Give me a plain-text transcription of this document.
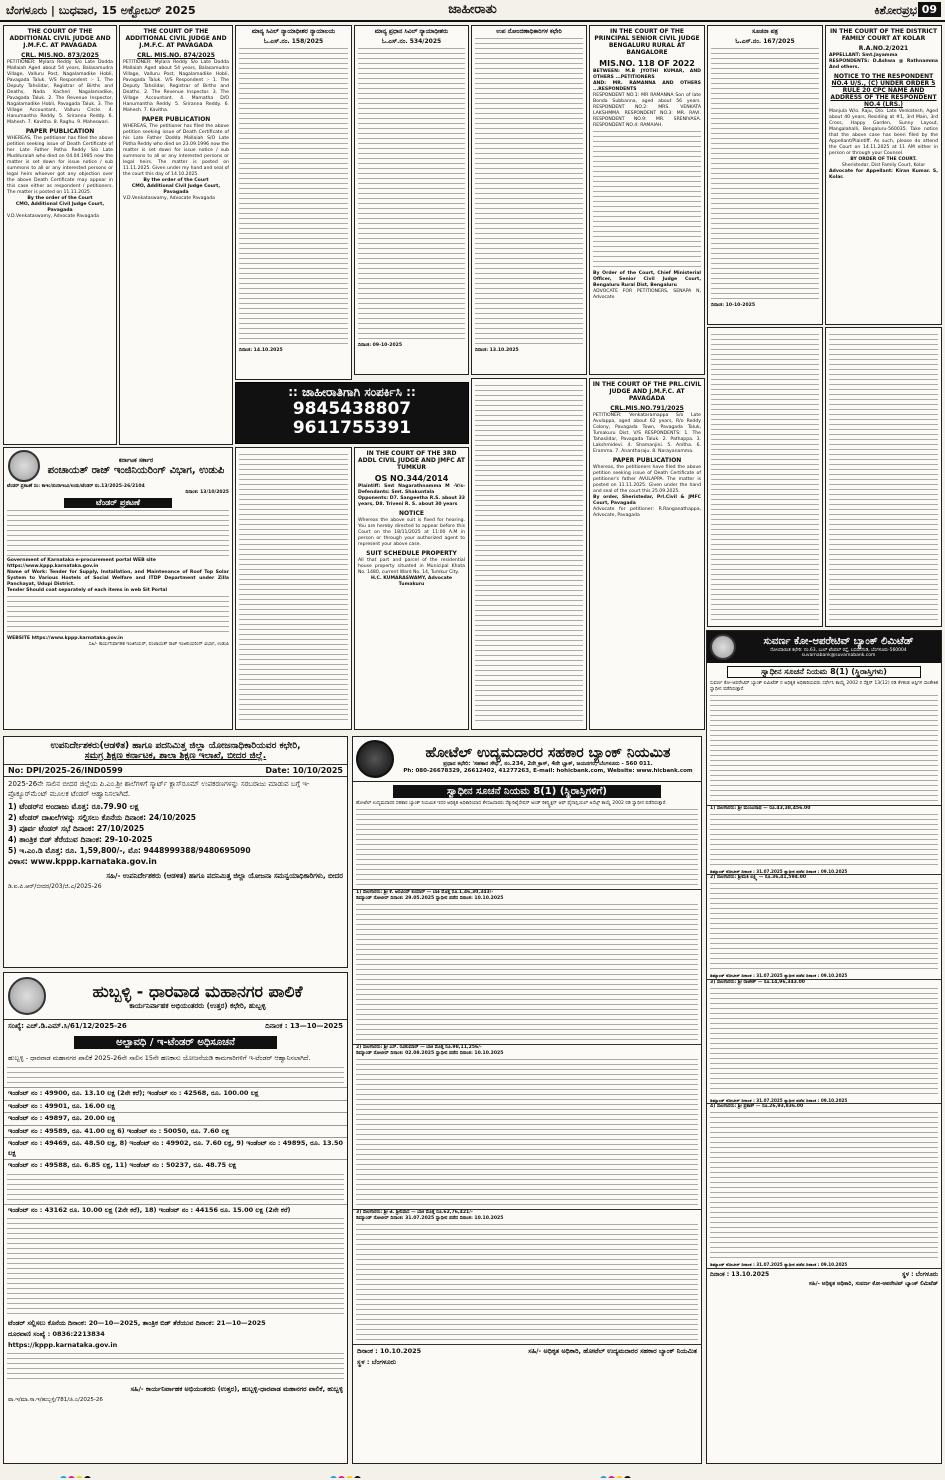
ಬೆಂಗಳೂರು | ಬುಧವಾರ, 15 ಅಕ್ಟೋಬರ್ 2025	ಜಾಹೀರಾತು	ಕಿಶೋರಪ್ರಭ 09
THE COURT OF THE ADDITIONAL CIVIL JUDGE AND J.M.F.C. AT PAVAGADA
CRL. MIS.NO. 873/2025
PETITIONER: Mylara Reddy S/o Late Dodda Mallaiah Aged about 54 years, Balasamudra Village, Valluru Post, Nagalamadike Hobli, Pavagada Taluk. V/S Respondent :- 1. The Deputy Tahsildar, Registrar of Births and Deaths, Nada Kacheri Nagalamadike, Pavagada Taluk. 2. The Revenue Inspector, Nagalamadike Hobli, Pavagada Taluk. 3. The Village Accountant, Valluru Circle. 4. Hanumantha Reddy. 5. Sriranna Reddy. 6. Mahesh. 7. Kavitha. 8. Raghu. 9. Maheswari.
PAPER PUBLICATION
WHEREAS, The petitioner has filed the above petition seeking issue of Death Certificate of her Late Father Potha Reddy S/o Late Mudduraiah who died on 04.04.1985 now the matter is set down for issue notice / sub summons to all or any interested persons or legal heirs whoever got any objection over the above Death Certificate may appear in this case either as respondent / petitioners. The matter is posted on 11.11.2025.
By the order of the Court
CMO, Additional Civil Judge Court, Pavagada
V.D.Venkataswamy, Advocate Pavagada
THE COURT OF THE ADDITIONAL CIVIL JUDGE AND J.M.F.C. AT PAVAGADA
CRL. MIS.NO. 874/2025
PETITIONER: Mylara Reddy S/o Late Dodda Mallaiah Aged about 54 years, Balasamudra Village, Valluru Post, Nagalamadike Hobli, Pavagada Taluk. V/S Respondent :- 1. The Deputy Tahsildar, Registrar of Births and Deaths. 2. The Revenue Inspector. 3. The Village Accountant. 4. Mamatha D/O Hanumantha Reddy. 5. Sriranna Reddy. 6. Mahesh. 7. Kavitha.
PAPER PUBLICATION
WHEREAS, The petitioner has filed the above petition seeking issue of Death Certificate of his Late Father Dodda Mallaiah S/O Late Potha Reddy who died on 23.09.1996 now the matter is set down for issue notice / sub summons to all or any interested persons or legal heirs. The matter is posted on 11.11.2025. Given under my hand and seal of the court this day of 14.10.2025.
By the order of the Court
CMO, Additional Civil Judge Court, Pavagada
V.D.Venkataswamy, Advocate Pavagada
ಮಾನ್ಯ ಸಿವಿಲ್ ನ್ಯಾಯಾಧೀಶರ ನ್ಯಾಯಾಲಯ
ಓ.ಎಸ್.ನಂ. 158/2025
ದಿನಾಂಕ: 14.10.2025
ಮಾನ್ಯ ಪ್ರಧಾನ ಸಿವಿಲ್ ನ್ಯಾಯಾಧೀಶರು
ಓ.ಎಸ್.ನಂ. 534/2025
ದಿನಾಂಕ: 09-10-2025
ಉಪ ನೋಂದಣಾಧಿಕಾರಿಗಳ ಕಛೇರಿ
ದಿನಾಂಕ: 13.10.2025
IN THE COURT OF THE PRINCIPAL SENIOR CIVIL JUDGE BENGALURU RURAL AT BANGALORE
MIS.NO. 118 OF 2022
BETWEEN: M.B JYOTHI KUMAR, AND OTHERS ...PETITIONERS
AND: MR. RAMANNA AND OTHERS ...RESPONDENTS
RESPONDENT NO.1: MR RAMANNA Son of late Bonda Subbanna, aged about 56 years. RESPONDENT NO.2: MRS. VENKATA LAKSHMMA. RESPONDENT NO.3: MR. RAVI. RESPONDENT NO.9: MR. SRENIVASA. RESPONDENT NO.4: RAMAIAH.
By Order of the Court, Chief Ministerial Officer, Senior Civil Judge Court, Bengaluru Rural Dist, Bengaluru
ADVOCATE FOR PETITIONERS, SENAPA N, Advocate
ಸೂಚನಾ ಪತ್ರ
ಓ.ಎಸ್.ನಂ. 167/2025
ದಿನಾಂಕ: 10-10-2025
IN THE COURT OF THE DISTRICT FAMILY COURT AT KOLAR
R.A.NO.2/2021
APPELLANT: Smt.Jayamma
RESPONDENTS: D.Ashwa @ Rathnamma And others.
NOTICE TO THE RESPONDENT NO.4 U/S., (C) UNDER ORDER 5 RULE 20 CPC NAME AND ADDRESS OF THE RESPONDENT NO.4 (LRS.)
Manjula W/o. Raju, D/o. Late Venkatesh, Aged about 40 years, Residing at #1, 3rd Main, 3rd Cross, Happy Garden, Sunny Layout, Mangalahalli, Bengaluru-560035. Take notice that the above case has been filed by the Appellant/Plaintiff. As such, please do attend the Court on 14.11.2025 at 11 AM either in person or through your Counsel.
BY ORDER OF THE COURT.
Sheristedar, Dist Family Court, Kolar
Advocate for Appellant: Kiran Kumar. S, Kolar.
:: ಜಾಹೀರಾತಿಗಾಗಿ ಸಂಪರ್ಕಿಸಿ ::
9845438807
9611755391
IN THE COURT OF THE 3RD ADDL CIVIL JUDGE AND JMFC AT TUMKUR
OS NO.344/2014
Plaintiff: Smt Nagarathnamma M -V/s- Defendants: Smt. Shakuntala
Opponents: D7. Sangeetha R.S. about 33 years, D8. Triveni R. S. about 30 years
NOTICE
Whereas the above suit is fixed for hearing. You are hereby directed to appear before this Court on the 18/11/2025 at 11:00 A.M in person or through your authorized agent to represent your above case.
SUIT SCHEDULE PROPERTY
All that part and parcel of the residential house property situated in Municipal Khata No. 1480, current Ward No. 14, Tumkur City.
H.C. KUMARASWAMY, Advocate Tumakuru
IN THE COURT OF THE PRL.CIVIL JUDGE AND J.M.F.C. AT PAVAGADA
CRL.MIS.NO.791/2025
PETITIONER: Venkataramappa S/o Late Avulappa, aged about 62 years, R/o Reddy Colony, Pavagada Town, Pavagada Taluk, Tumakuru Dist. V/S RESPONDENTS: 1. The Tahasildar, Pavagada Taluk. 2. Pathappa. 3. Lakshmidevi. 4. Shamanjini. 5. Anitha. 6. Eramma. 7. Anantharaju. 8. Narayanamma.
PAPER PUBLICATION
Whereas, the petitioners have filed the above petition seeking issue of Death Certificate of petitioner's father AVULAPPA. The matter is posted on 11.11.2025. Given under the hand and seal of the court this 25.09.2025.
By order, Sheristedar, Prl.Civil & JMFC Court, Pavagada
Advocate for petitioner: R.Ranganathappa, Advocate, Pavagada
ಕರ್ನಾಟಕ ಸರ್ಕಾರ
ಪಂಚಾಯತ್ ರಾಜ್ ಇಂಜಿನಿಯರಿಂಗ್ ವಿಭಾಗ, ಉಡುಪಿ
ಟೆಂಡರ್ ಪ್ರಕಟಣೆ ಸಂ: ಕಾಇಂ/ಪಂರಾಇಂವಿ/ಉಡು/ಟೆಂಡರ್ ನಂ.13/2025-26/2104
ದಿನಾಂಕ: 13/10/2025
ಟೆಂಡರ್ ಪ್ರಕಟಣೆ
Government of Karnataka e-procurement portal WEB site
https://www.kppp.karnataka.gov.in
Name of Work: Tender for Supply, Installation, and Maintenance of Roof Top Solar System to Various Hostels of Social Welfare and ITDP Department under Zilla Panchayat, Udupi District.
Tender Should coat separately of each items in web Sit Portal
WEBSITE https://www.kppp.karnataka.gov.in
ಸಹಿ/- ಕಾರ್ಯನಿರ್ವಾಹಕ ಇಂಜಿನಿಯರ್, ಪಂಚಾಯತ್ ರಾಜ್ ಇಂಜಿನಿಯರಿಂಗ್ ವಿಭಾಗ, ಉಡುಪಿ
ಉಪನಿರ್ದೇಶಕರು(ಆಡಳಿತ) ಹಾಗೂ ಪದನಿಮಿತ್ತ ಜಿಲ್ಲಾ ಯೋಜನಾಧಿಕಾರಿಯವರ ಕಛೇರಿ,
ಸಮಗ್ರ ಶಿಕ್ಷಣ ಕರ್ನಾಟಕ, ಶಾಲಾ ಶಿಕ್ಷಣ ಇಲಾಖೆ, ಬೀದರ ಜಿಲ್ಲೆ.
No: DPI/2025-26/IND0599	Date: 10/10/2025
2025-26ನೇ ಸಾಲಿನ ಬೀದರ ಜಿಲ್ಲೆಯ ಪಿ.ಎಂ.ಶ್ರೀ ಶಾಲೆಗಳಿಗೆ ಸ್ಮಾರ್ಟ್ ಕ್ಲಾಸ್‌ರೂಮ್ ಉಪಕರಣಗಳನ್ನು ಸರಬರಾಜು ಮಾಡುವ ಬಗ್ಗೆ ಇ-ಪ್ರೊಕ್ಯೂರ್‌ಮೆಂಟ್ ಮೂಲಕ ಟೆಂಡರ್ ಆಹ್ವಾನಿಸಲಾಗಿದೆ.
1) ಟೆಂಡರ್‌ನ ಅಂದಾಜು ಮೊತ್ತ: ರೂ.79.90 ಲಕ್ಷ
2) ಟೆಂಡರ್ ದಾಖಲೆಗಳನ್ನು ಸಲ್ಲಿಸಲು ಕೊನೆಯ ದಿನಾಂಕ: 24/10/2025
3) ಪೂರ್ವ ಟೆಂಡರ್ ಸಭೆ ದಿನಾಂಕ: 27/10/2025
4) ತಾಂತ್ರಿಕ ಬಿಡ್ ತೆರೆಯುವ ದಿನಾಂಕ: 29-10-2025
5) ಇ.ಎಂ.ಡಿ ಮೊತ್ತ: ರೂ. 1,59,800/-, ಮೊ: 9448999388/9480695090
ವಿಳಾಸ: www.kppp.karnataka.gov.in
ಸಹಿ/- ಉಪನಿರ್ದೇಶಕರು (ಆಡಳಿತ) ಹಾಗೂ ಪದನಿಮಿತ್ತ ಜಿಲ್ಲಾ ಯೋಜನಾ ಸಮನ್ವಯಾಧಿಕಾರಿಗಳು, ಬೀದರ
ಡಿ.ಐ.ಪಿ.ಆರ್/ಬೀದರ/203/ಜಿ.ಎ/2025-26
ಹೋಟೆಲ್ ಉದ್ಯಮದಾರರ ಸಹಕಾರ ಬ್ಯಾಂಕ್ ನಿಯಮಿತ
ಪ್ರಧಾನ ಕಛೇರಿ: 'ಸಹಕಾರ ಸೌಧ', ನಂ.234, 2ನೇ ಕ್ರಾಸ್, 4ನೇ ಬ್ಲಾಕ್, ಜಯನಗರ, ಬೆಂಗಳೂರು - 560 011.
Ph: 080-26678329, 26612402, 41277263, E-mail: hohicbank.com, Website: www.hicbank.com
ಸ್ವಾಧೀನ ಸೂಚನೆ ನಿಯಮ 8(1) (ಸ್ಥಿರಾಸ್ತಿಗಳಿಗೆ)
ಹೋಟೆಲ್ ಉದ್ಯಮದಾರರ ಸಹಕಾರ ಬ್ಯಾಂಕ್ ನಿಯಮಿತ ಇದರ ಅಧಿಕೃತ ಅಧಿಕಾರಿಯಾದ ಕೆಳಸಹಿದಾರರು ಸೆಕ್ಯುರಿಟೈಸೇಷನ್ ಅಂಡ್ ರಿಕನ್ಸ್ಟ್ರಕ್ಷನ್ ಆಫ್ ಫೈನಾನ್ಷಿಯಲ್ ಅಸೆಟ್ಸ್ ಕಾಯ್ದೆ 2002 ರಡಿ ಸ್ವಾಧೀನ ಪಡೆದಿರುತ್ತಾರೆ.
1) ಸಾಲಗಾರರು: ಶ್ರೀ ಕೆ. ಅರವಿಂದ್ ಕುಮಾರ್ — ಬಾಕಿ ಮೊತ್ತ ರೂ.1,46,30,343/-
ಡಿಮ್ಯಾಂಡ್ ನೋಟೀಸ್ ದಿನಾಂಕ: 29.05.2025 ಸ್ವಾಧೀನ ಪಡೆದ ದಿನಾಂಕ: 10.10.2025
2) ಸಾಲಗಾರರು: ಶ್ರೀ ಎಸ್. ರವಿಕುಮಾರ್ — ಬಾಕಿ ಮೊತ್ತ ರೂ.98,11,256/-
ಡಿಮ್ಯಾಂಡ್ ನೋಟೀಸ್ ದಿನಾಂಕ: 02.08.2025 ಸ್ವಾಧೀನ ಪಡೆದ ದಿನಾಂಕ: 10.10.2025
3) ಸಾಲಗಾರರು: ಶ್ರೀ ಜಿ. ಶ್ರೀನಿವಾಸ — ಬಾಕಿ ಮೊತ್ತ ರೂ.62,76,421/-
ಡಿಮ್ಯಾಂಡ್ ನೋಟೀಸ್ ದಿನಾಂಕ: 31.07.2025 ಸ್ವಾಧೀನ ಪಡೆದ ದಿನಾಂಕ: 10.10.2025
ದಿನಾಂಕ : 10.10.2025	ಸಹಿ/- ಅಧಿಕೃತ ಅಧಿಕಾರಿ, ಹೋಟೆಲ್ ಉದ್ಯಮದಾರರ ಸಹಕಾರ ಬ್ಯಾಂಕ್ ನಿಯಮಿತ
ಸ್ಥಳ : ಬೆಂಗಳೂರು
ಸುವರ್ಣ ಕೋ-ಆಪರೇಟಿವ್ ಬ್ಯಾಂಕ್ ಲಿಮಿಟೆಡ್
ನೋಂದಾಯಿತ ಕಛೇರಿ: ನಂ.63, ಬುಲ್ ಟೆಂಪಲ್ ರಸ್ತೆ, ಬಸವನಗುಡಿ, ಬೆಂಗಳೂರು-560004
suvarnabank@suvarnabank.com
ಸ್ವಾಧೀನ ಸೂಚನೆ ನಿಯಮ 8(1) (ಸ್ಥಿರಾಸ್ತಿಗಳು)
ಸುವರ್ಣ ಕೋ-ಆಪರೇಟಿವ್ ಬ್ಯಾಂಕ್ ಲಿಮಿಟೆಡ್ ನ ಅಧಿಕೃತ ಅಧಿಕಾರಿಯವರು ಸರ್ಫೇಸಿ ಕಾಯ್ದೆ 2002 ರ ಸೆಕ್ಷನ್ 13(12) ರಡಿ ಕೆಳಕಂಡ ಆಸ್ತಿಗಳ ಸಾಂಕೇತಿಕ ಸ್ವಾಧೀನ ಪಡೆದಿರುತ್ತಾರೆ.
1) ಸಾಲಗಾರರು: ಶ್ರೀ ಮಂಜುನಾಥ — ರೂ.43,38,456.00
ಡಿಮ್ಯಾಂಡ್ ನೋಟೀಸ್ ದಿನಾಂಕ : 31.07.2025 ಸ್ವಾಧೀನ ಪಡೆದ ದಿನಾಂಕ : 09.10.2025
2) ಸಾಲಗಾರರು: ಶ್ರೀಮತಿ ಲಕ್ಷ್ಮಿ — ರೂ.36,41,594.00
ಡಿಮ್ಯಾಂಡ್ ನೋಟೀಸ್ ದಿನಾಂಕ : 31.07.2025 ಸ್ವಾಧೀನ ಪಡೆದ ದಿನಾಂಕ : 09.10.2025
3) ಸಾಲಗಾರರು: ಶ್ರೀ ರಾಜೇಶ್ — ರೂ.14,96,343.00
ಡಿಮ್ಯಾಂಡ್ ನೋಟೀಸ್ ದಿನಾಂಕ : 31.07.2025 ಸ್ವಾಧೀನ ಪಡೆದ ದಿನಾಂಕ : 09.10.2025
4) ಸಾಲಗಾರರು: ಶ್ರೀ ಪ್ರಕಾಶ್ — ರೂ.26,93,836.00
ಡಿಮ್ಯಾಂಡ್ ನೋಟೀಸ್ ದಿನಾಂಕ : 31.07.2025 ಸ್ವಾಧೀನ ಪಡೆದ ದಿನಾಂಕ : 09.10.2025
ದಿನಾಂಕ : 13.10.2025	ಸ್ಥಳ : ಬೆಂಗಳೂರು
ಸಹಿ/- ಅಧಿಕೃತ ಅಧಿಕಾರಿ, ಸುವರ್ಣ ಕೋ-ಆಪರೇಟಿವ್ ಬ್ಯಾಂಕ್ ಲಿಮಿಟೆಡ್
ಹುಬ್ಬಳ್ಳಿ - ಧಾರವಾಡ ಮಹಾನಗರ ಪಾಲಿಕೆ
ಕಾರ್ಯನಿರ್ವಾಹಕ ಅಭಿಯಂತರರು (ಉತ್ತರ) ಕಛೇರಿ, ಹುಬ್ಬಳ್ಳಿ
ಸಂಖ್ಯೆ: ಎಚ್.ಡಿ.ಎಮ್.ಸಿ/61/12/2025-26	ದಿನಾಂಕ : 13—10—2025
ಅಲ್ಪಾವಧಿ / ಇ-ಟೆಂಡರ್ ಅಧಿಸೂಚನೆ
ಹುಬ್ಬಳ್ಳಿ - ಧಾರವಾಡ ಮಹಾನಗರ ಪಾಲಿಕೆ 2025-26ನೇ ಸಾಲಿನ 15ನೇ ಹಣಕಾಸು ಯೋಜನೆಯಡಿ ಕಾಮಗಾರಿಗಳಿಗೆ ಇ-ಟೆಂಡರ್ ಆಹ್ವಾನಿಸಲಾಗಿದೆ.
ಇಂಡೆಂಟ್ ನಂ : 49900, ರೂ. 13.10 ಲಕ್ಷ (2ನೇ ಕರೆ); ಇಂಡೆಂಟ್ ನಂ : 42568, ರೂ. 100.00 ಲಕ್ಷ
ಇಂಡೆಂಟ್ ನಂ : 49901, ರೂ. 16.00 ಲಕ್ಷ
ಇಂಡೆಂಟ್ ನಂ : 49897, ರೂ. 20.00 ಲಕ್ಷ
ಇಂಡೆಂಟ್ ನಂ : 49589, ರೂ. 41.00 ಲಕ್ಷ 6) ಇಂಡೆಂಟ್ ನಂ : 50050, ರೂ. 7.60 ಲಕ್ಷ
ಇಂಡೆಂಟ್ ನಂ : 49469, ರೂ. 48.50 ಲಕ್ಷ, 8) ಇಂಡೆಂಟ್ ನಂ : 49902, ರೂ. 7.60 ಲಕ್ಷ, 9) ಇಂಡೆಂಟ್ ನಂ : 49895, ರೂ. 13.50 ಲಕ್ಷ
ಇಂಡೆಂಟ್ ನಂ : 49588, ರೂ. 6.85 ಲಕ್ಷ, 11) ಇಂಡೆಂಟ್ ನಂ : 50237, ರೂ. 48.75 ಲಕ್ಷ
ಇಂಡೆಂಟ್ ನಂ : 43162 ರೂ. 10.00 ಲಕ್ಷ (2ನೇ ಕರೆ), 18) ಇಂಡೆಂಟ್ ನಂ : 44156 ರೂ. 15.00 ಲಕ್ಷ (2ನೇ ಕರೆ)
ಟೆಂಡರ್ ಸಲ್ಲಿಸಲು ಕೊನೆಯ ದಿನಾಂಕ: 20—10—2025, ತಾಂತ್ರಿಕ ಬಿಡ್ ತೆರೆಯುವ ದಿನಾಂಕ: 21—10—2025
ದೂರವಾಣಿ ಸಂಖ್ಯೆ : 0836:2213834
https://kppp.karnataka.gov.in
ಸಹಿ/- ಕಾರ್ಯನಿರ್ವಾಹಕ ಅಭಿಯಂತರರು (ಉತ್ತರ), ಹುಬ್ಬಳ್ಳಿ-ಧಾರವಾಡ ಮಹಾನಗರ ಪಾಲಿಕೆ, ಹುಬ್ಬಳ್ಳಿ
ವಾ.ಇ/ಮಾ.ಸಾ.ಇ/ಹುಬ್ಬಳ್ಳಿ/781/ಜಿ.ಎ/2025-26
